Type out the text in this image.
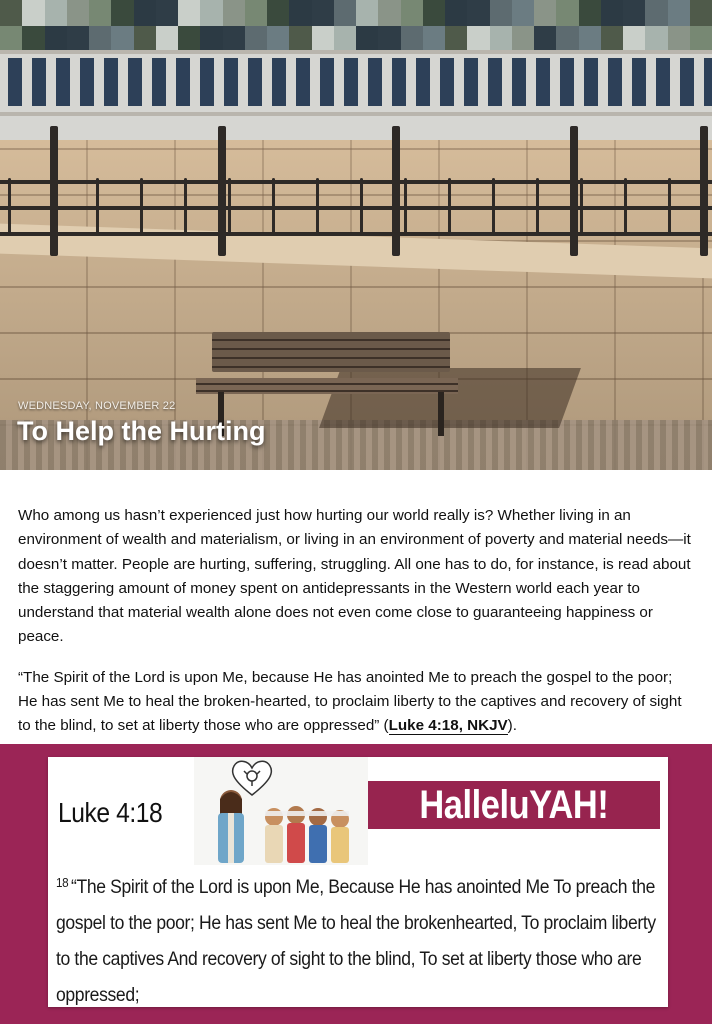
WEDNESDAY, NOVEMBER 22
To Help the Hurting

Who among us hasn’t experienced just how hurting our world really is? Whether living in an environment of wealth and materialism, or living in an environment of poverty and material needs—it doesn’t matter. People are hurting, suffering, struggling. All one has to do, for instance, is read about the staggering amount of money spent on antidepressants in the Western world each year to understand that material wealth alone does not even come close to guaranteeing happiness or peace.

“The Spirit of the Lord is upon Me, because He has anointed Me to preach the gospel to the poor; He has sent Me to heal the broken-hearted, to proclaim liberty to the captives and recovery of sight to the blind, to set at liberty those who are oppressed” (Luke 4:18, NKJV).

Luke 4:18	HalleluYAH!
$^{18}$ “The Spirit of the Lord is upon Me, Because He has anointed Me To preach the gospel to the poor; He has sent Me to heal the brokenhearted, To proclaim liberty to the captives And recovery of sight to the blind, To set at liberty those who are oppressed;
